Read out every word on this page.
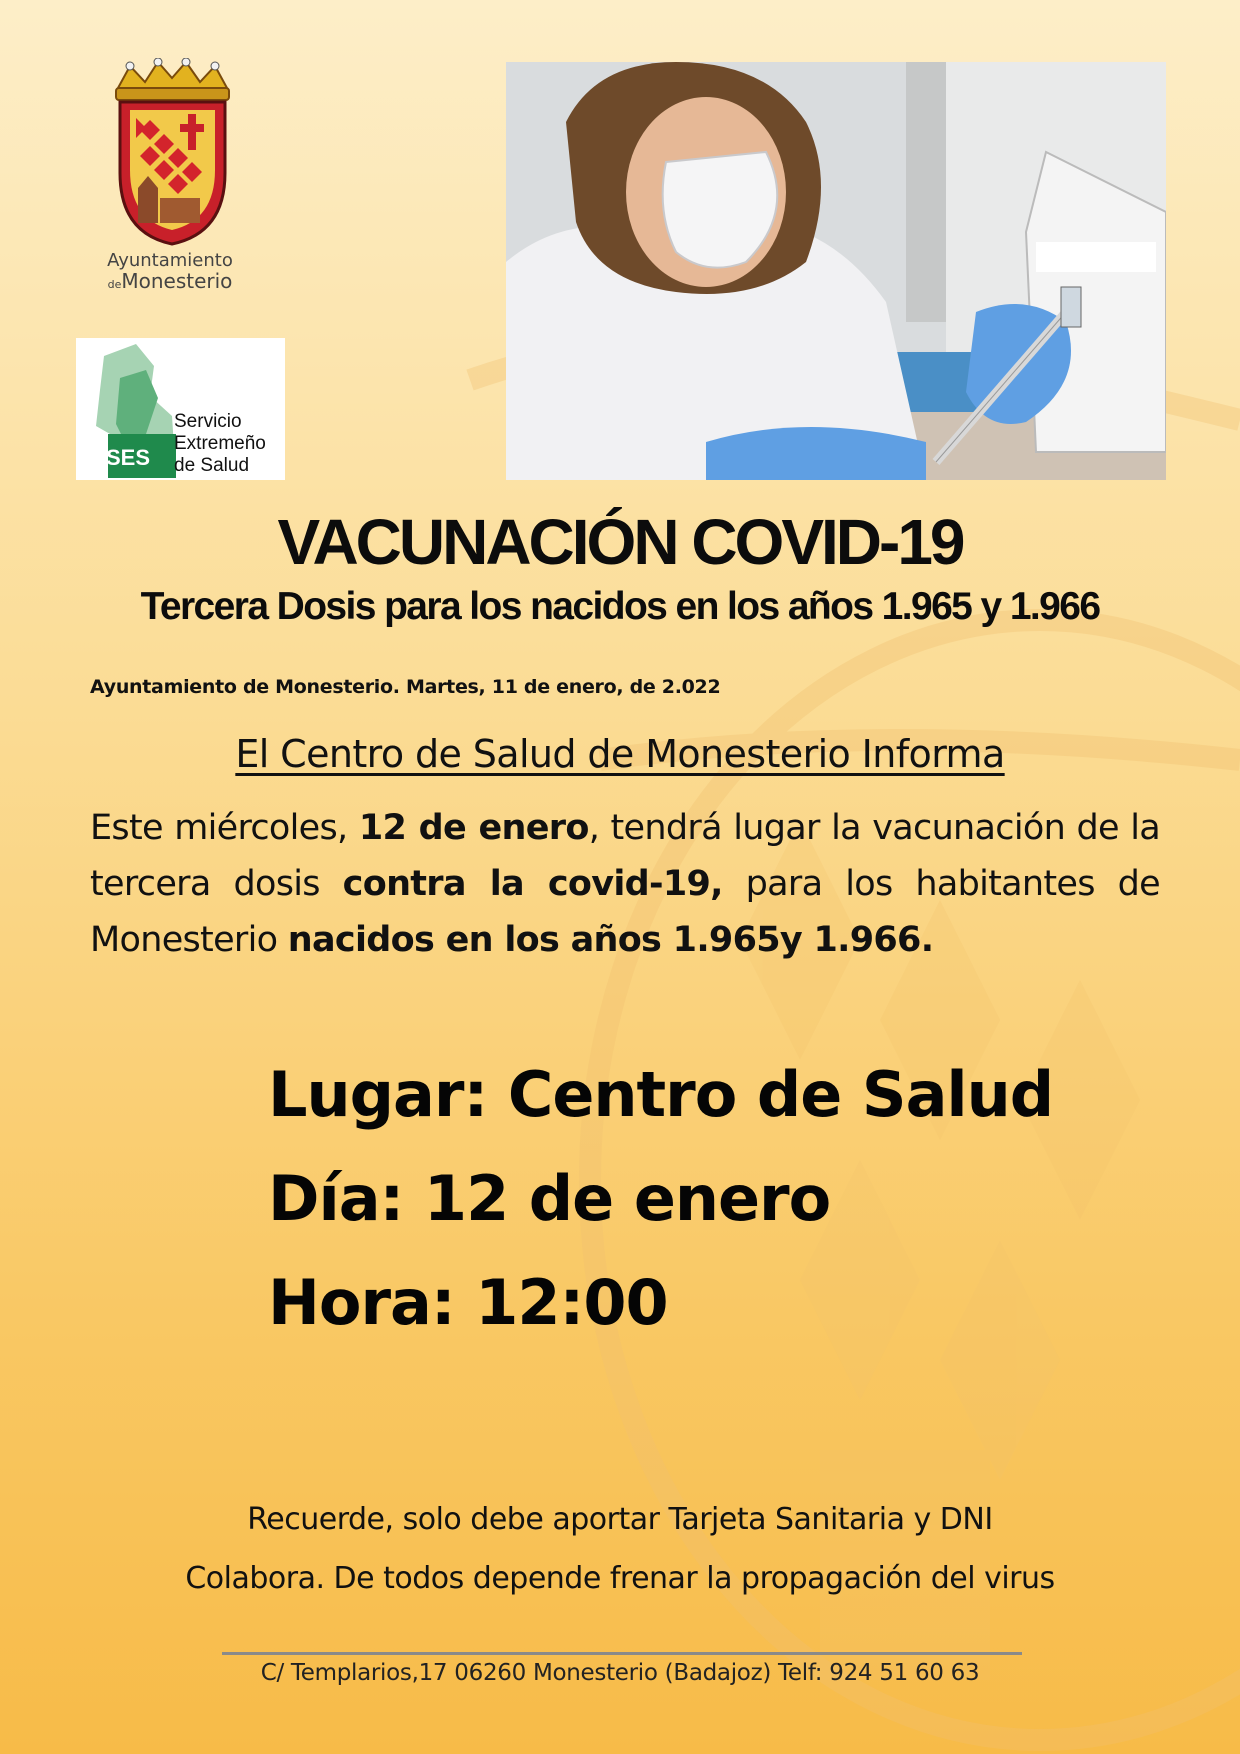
Ayuntamiento
deMonesterio
SES
Servicio
Extremeño
de Salud
VACUNACIÓN COVID-19
Tercera Dosis para los nacidos en los años 1.965 y 1.966
Ayuntamiento de Monesterio. Martes, 11 de enero, de 2.022
El Centro de Salud de Monesterio Informa
Este miércoles, 12 de enero, tendrá lugar la vacunación de la tercera dosis contra la covid-19, para los habitantes de Monesterio nacidos en los años 1.965y 1.966.
Lugar: Centro de Salud
Día: 12 de enero
Hora: 12:00
Recuerde, solo debe aportar Tarjeta Sanitaria y DNI
Colabora. De todos depende frenar la propagación del virus
C/ Templarios,17 06260 Monesterio (Badajoz) Telf: 924 51 60 63
